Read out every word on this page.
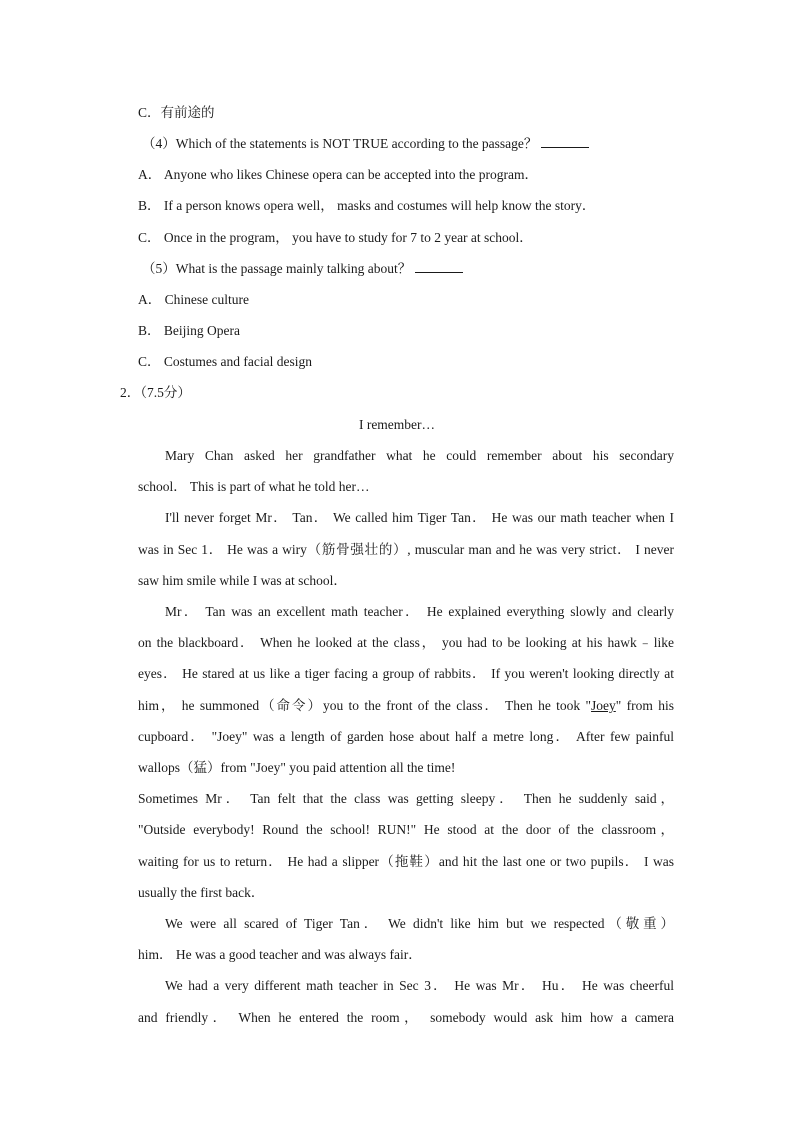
C．有前途的
（4）Which of the statements is NOT TRUE according to the passage？
A． Anyone who likes Chinese opera can be accepted into the program．
B． If a person knows opera well， masks and costumes will help know the story．
C． Once in the program， you have to study for 7 to 2 year at school．
（5）What is the passage mainly talking about？
A． Chinese culture
B． Beijing Opera
C． Costumes and facial design
2．（7.5分）
I remember…
Mary Chan asked her grandfather what he could remember about his secondary
school． This is part of what he told her…
I'll never forget Mr． Tan． We called him Tiger Tan． He was our math teacher when I
was in Sec 1． He was a wiry（筋骨强壮的）, muscular man and he was very strict． I never
saw him smile while I was at school．
Mr． Tan was an excellent math teacher． He explained everything slowly and clearly
on the blackboard． When he looked at the class， you had to be looking at his hawk﹣like
eyes． He stared at us like a tiger facing a group of rabbits． If you weren't looking directly at
him， he summoned（命令）you to the front of the class． Then he took "Joey" from his
cupboard． "Joey" was a length of garden hose about half a metre long． After few painful
wallops（猛）from "Joey" you paid attention all the time!
Sometimes Mr． Tan felt that the class was getting sleepy． Then he suddenly said，
"Outside everybody! Round the school! RUN!" He stood at the door of the classroom，
waiting for us to return． He had a slipper（拖鞋）and hit the last one or two pupils． I was
usually the first back．
We were all scared of Tiger Tan． We didn't like him but we respected（敬重）
him． He was a good teacher and was always fair．
We had a very different math teacher in Sec 3． He was Mr． Hu． He was cheerful
and friendly． When he entered the room， somebody would ask him how a camera
